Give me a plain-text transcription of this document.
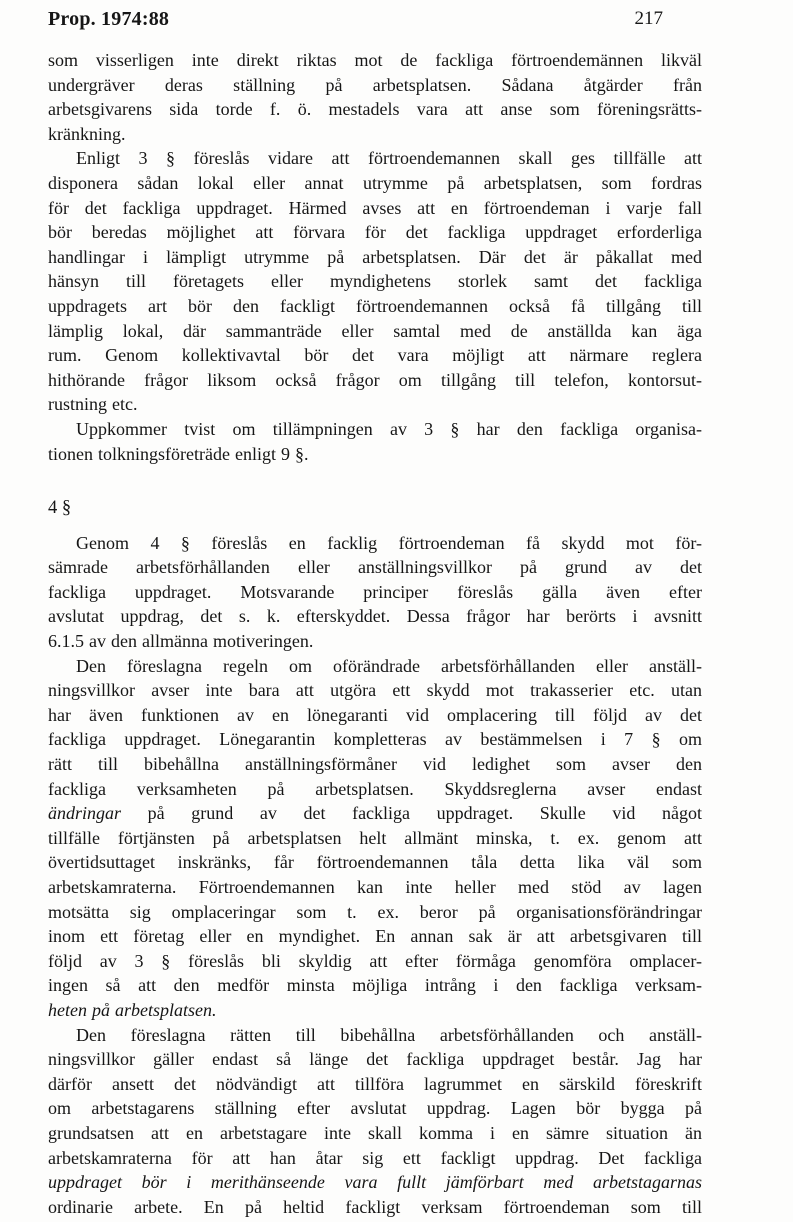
Prop. 1974:88	217
som visserligen inte direkt riktas mot de fackliga förtroendemännen likväl
undergräver deras ställning på arbetsplatsen. Sådana åtgärder från
arbetsgivarens sida torde f. ö. mestadels vara att anse som föreningsrätts-
kränkning.
Enligt 3 § föreslås vidare att förtroendemannen skall ges tillfälle att
disponera sådan lokal eller annat utrymme på arbetsplatsen, som fordras
för det fackliga uppdraget. Härmed avses att en förtroendeman i varje fall
bör beredas möjlighet att förvara för det fackliga uppdraget erforderliga
handlingar i lämpligt utrymme på arbetsplatsen. Där det är påkallat med
hänsyn till företagets eller myndighetens storlek samt det fackliga
uppdragets art bör den fackligt förtroendemannen också få tillgång till
lämplig lokal, där sammanträde eller samtal med de anställda kan äga
rum. Genom kollektivavtal bör det vara möjligt att närmare reglera
hithörande frågor liksom också frågor om tillgång till telefon, kontorsut-
rustning etc.
Uppkommer tvist om tillämpningen av 3 § har den fackliga organisa-
tionen tolkningsföreträde enligt 9 §.
4 §
Genom 4 § föreslås en facklig förtroendeman få skydd mot för-
sämrade arbetsförhållanden eller anställningsvillkor på grund av det
fackliga uppdraget. Motsvarande principer föreslås gälla även efter
avslutat uppdrag, det s. k. efterskyddet. Dessa frågor har berörts i avsnitt
6.1.5 av den allmänna motiveringen.
Den föreslagna regeln om oförändrade arbetsförhållanden eller anställ-
ningsvillkor avser inte bara att utgöra ett skydd mot trakasserier etc. utan
har även funktionen av en lönegaranti vid omplacering till följd av det
fackliga uppdraget. Lönegarantin kompletteras av bestämmelsen i 7 § om
rätt till bibehållna anställningsförmåner vid ledighet som avser den
fackliga verksamheten på arbetsplatsen. Skyddsreglerna avser endast
ändringar på grund av det fackliga uppdraget. Skulle vid något
tillfälle förtjänsten på arbetsplatsen helt allmänt minska, t. ex. genom att
övertidsuttaget inskränks, får förtroendemannen tåla detta lika väl som
arbetskamraterna. Förtroendemannen kan inte heller med stöd av lagen
motsätta sig omplaceringar som t. ex. beror på organisationsförändringar
inom ett företag eller en myndighet. En annan sak är att arbetsgivaren till
följd av 3 § föreslås bli skyldig att efter förmåga genomföra omplacer-
ingen så att den medför minsta möjliga intrång i den fackliga verksam-
heten på arbetsplatsen.
Den föreslagna rätten till bibehållna arbetsförhållanden och anställ-
ningsvillkor gäller endast så länge det fackliga uppdraget består. Jag har
därför ansett det nödvändigt att tillföra lagrummet en särskild föreskrift
om arbetstagarens ställning efter avslutat uppdrag. Lagen bör bygga på
grundsatsen att en arbetstagare inte skall komma i en sämre situation än
arbetskamraterna för att han åtar sig ett fackligt uppdrag. Det fackliga
uppdraget bör i merithänseende vara fullt jämförbart med arbetstagarnas
ordinarie arbete. En på heltid fackligt verksam förtroendeman som till
